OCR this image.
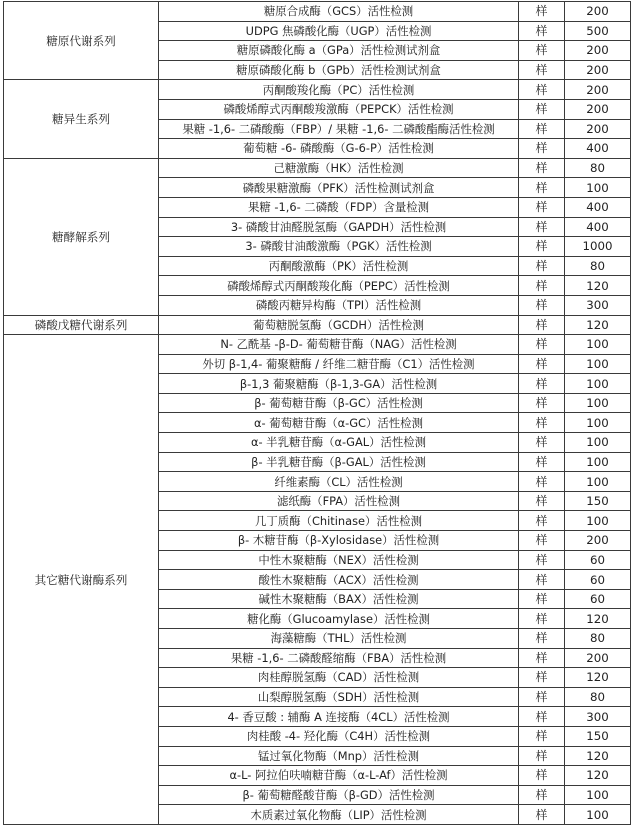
糖原代谢系列	糖原合成酶（GCS）活性检测	样	200
	UDPG 焦磷酸化酶（UGP）活性检测	样	500
	糖原磷酸化酶 a（GPa）活性检测试剂盒	样	200
	糖原磷酸化酶 b（GPb）活性检测试剂盒	样	200
糖异生系列	丙酮酸羧化酶（PC）活性检测	样	200
	磷酸烯醇式丙酮酸羧激酶（PEPCK）活性检测	样	200
	果糖 -1,6- 二磷酸酶（FBP）/ 果糖 -1,6- 二磷酸酯酶活性检测	样	200
	葡萄糖 -6- 磷酸酶（G-6-P）活性检测	样	400
糖酵解系列	己糖激酶（HK）活性检测	样	80
	磷酸果糖激酶（PFK）活性检测试剂盒	样	100
	果糖 -1,6- 二磷酸（FDP）含量检测	样	400
	3- 磷酸甘油醛脱氢酶（GAPDH）活性检测	样	400
	3- 磷酸甘油酸激酶（PGK）活性检测	样	1000
	丙酮酸激酶（PK）活性检测	样	80
	磷酸烯醇式丙酮酸羧化酶（PEPC）活性检测	样	120
	磷酸丙糖异构酶（TPI）活性检测	样	300
磷酸戊糖代谢系列	葡萄糖脱氢酶（GCDH）活性检测	样	120
其它糖代谢酶系列	N- 乙酰基 -β-D- 葡萄糖苷酶（NAG）活性检测	样	100
	外切 β-1,4- 葡聚糖酶 / 纤维二糖苷酶（C1）活性检测	样	100
	β-1,3 葡聚糖酶（β-1,3-GA）活性检测	样	100
	β- 葡萄糖苷酶（β-GC）活性检测	样	100
	α- 葡萄糖苷酶（α-GC）活性检测	样	100
	α- 半乳糖苷酶（α-GAL）活性检测	样	100
	β- 半乳糖苷酶（β-GAL）活性检测	样	100
	纤维素酶（CL）活性检测	样	100
	滤纸酶（FPA）活性检测	样	150
	几丁质酶（Chitinase）活性检测	样	100
	β- 木糖苷酶（β-Xylosidase）活性检测	样	200
	中性木聚糖酶（NEX）活性检测	样	60
	酸性木聚糖酶（ACX）活性检测	样	60
	碱性木聚糖酶（BAX）活性检测	样	60
	糖化酶（Glucoamylase）活性检测	样	120
	海藻糖酶（THL）活性检测	样	80
	果糖 -1,6- 二磷酸醛缩酶（FBA）活性检测	样	200
	肉桂醇脱氢酶（CAD）活性检测	样	120
	山梨醇脱氢酶（SDH）活性检测	样	80
	4- 香豆酸 : 辅酶 A 连接酶（4CL）活性检测	样	300
	肉桂酸 -4- 羟化酶（C4H）活性检测	样	150
	锰过氧化物酶（Mnp）活性检测	样	120
	α-L- 阿拉伯呋喃糖苷酶（α-L-Af）活性检测	样	120
	β- 葡萄糖醛酸苷酶（β-GD）活性检测	样	100
	木质素过氧化物酶（LIP）活性检测	样	100
